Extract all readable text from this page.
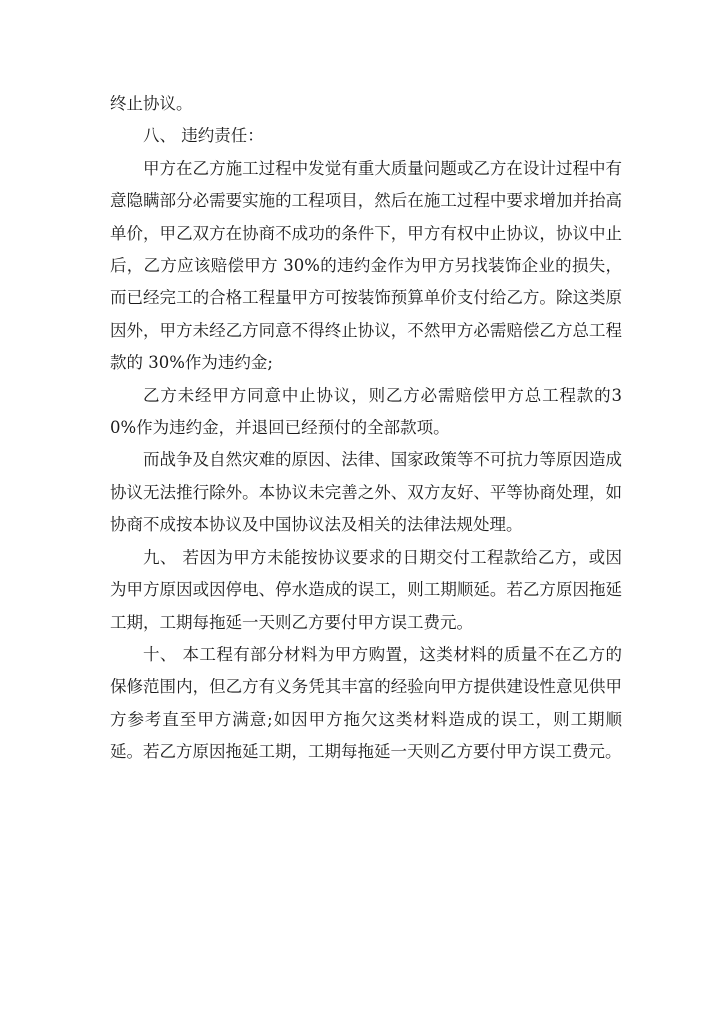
终止协议。

八、 违约责任：

甲方在乙方施工过程中发觉有重大质量问题或乙方在设计过程中有意隐瞒部分必需要实施的工程项目，然后在施工过程中要求增加并抬高单价，甲乙双方在协商不成功的条件下，甲方有权中止协议，协议中止后，乙方应该赔偿甲方 30%的违约金作为甲方另找装饰企业的损失，而已经完工的合格工程量甲方可按装饰预算单价支付给乙方。除这类原因外，甲方未经乙方同意不得终止协议，不然甲方必需赔偿乙方总工程款的 30%作为违约金;

乙方未经甲方同意中止协议，则乙方必需赔偿甲方总工程款的30%作为违约金，并退回已经预付的全部款项。

而战争及自然灾难的原因、法律、国家政策等不可抗力等原因造成协议无法推行除外。本协议未完善之外、双方友好、平等协商处理，如协商不成按本协议及中国协议法及相关的法律法规处理。

九、 若因为甲方未能按协议要求的日期交付工程款给乙方，或因为甲方原因或因停电、停水造成的误工，则工期顺延。若乙方原因拖延工期，工期每拖延一天则乙方要付甲方误工费元。

十、 本工程有部分材料为甲方购置，这类材料的质量不在乙方的保修范围内，但乙方有义务凭其丰富的经验向甲方提供建设性意见供甲方参考直至甲方满意;如因甲方拖欠这类材料造成的误工，则工期顺延。若乙方原因拖延工期，工期每拖延一天则乙方要付甲方误工费元。
